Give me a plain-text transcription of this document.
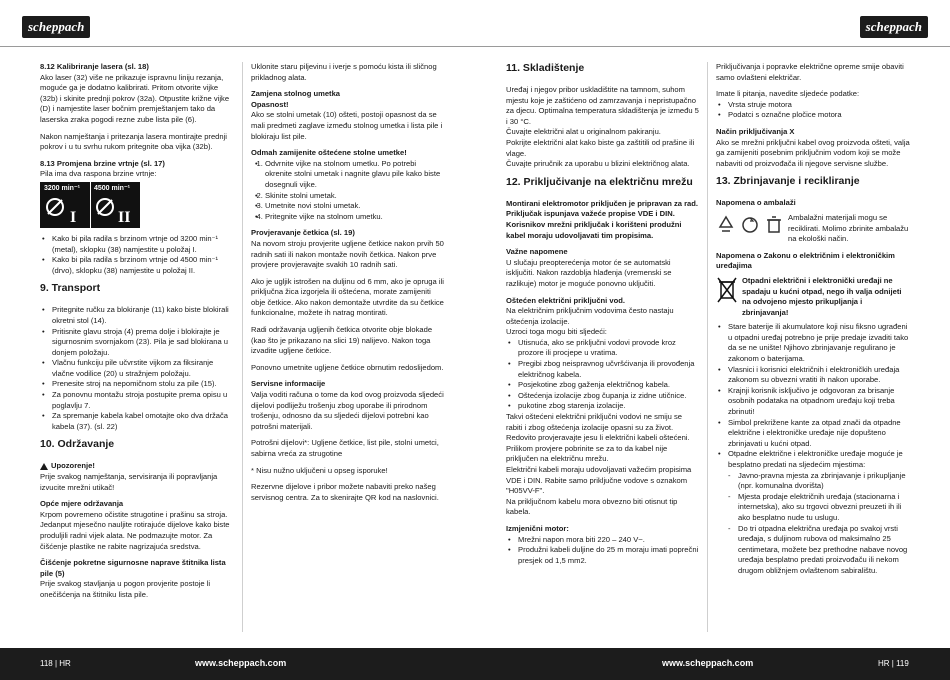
scheppach	scheppach

8.12 Kalibriranje lasera (sl. 18)

Ako laser (32) više ne prikazuje ispravnu liniju rezanja, moguće ga je dodatno kalibrirati. Pritom otvorite vijke (32b) i skinite prednji pokrov (32a). Otpustite križne vijke (D) i namjestite laser bočnim premještanjem tako da laserska zraka pogodi rezne zube lista pile (6).

Nakon namještanja i pritezanja lasera montirajte prednji pokrov i u tu svrhu rukom pritegnite oba vijka (32b).

8.13 Promjena brzine vrtnje (sl. 17)

Pila ima dva raspona brzine vrtnje:

3200 min⁻¹ 4500 min⁻¹
I	II
• Kako bi pila radila s brzinom vrtnje od 3200 min⁻¹ (metal), sklopku (38) namjestite u položaj I.
• Kako bi pila radila s brzinom vrtnje od 4500 min⁻¹ (drvo), sklopku (38) namjestite u položaj II.

9. Transport

• Pritegnite ručku za blokiranje (11) kako biste blokirali okretni stol (14).
• Pritisnite glavu stroja (4) prema dolje i blokirajte je sigurnosnim svornjakom (23). Pila je sad blokirana u donjem položaju.
• Vlačnu funkciju pile učvrstite vijkom za fiksiranje vlačne vodilice (20) u stražnjem položaju.
• Prenesite stroj na nepomičnom stolu za pile (15).
• Za ponovnu montažu stroja postupite prema opisu u poglavlju 7.
• Za spremanje kabela kabel omotajte oko dva držača kabela (37). (sl. 22)

10. Održavanje

Upozorenje!

Prije svakog namještanja, servisiranja ili popravljanja izvucite mrežni utikač!

Opće mjere održavanja

Krpom povremeno očistite strugotine i prašinu sa stroja. Jedanput mjesečno nauljite rotirajuće dijelove kako biste produljili radni vijek alata. Ne podmazujte motor. Za čišćenje plastike ne rabite nagrizajuća sredstva.

Čišćenje pokretne sigurnosne naprave štitnika lista pile (5)

Prije svakog stavljanja u pogon provjerite postoje li onečišćenja na štitniku lista pile.

Uklonite staru piljevinu i iverje s pomoću kista ili sličnog prikladnog alata.

Zamjena stolnog umetka

Opasnost!

Ako se stolni umetak (10) ošteti, postoji opasnost da se mali predmeti zaglave između stolnog umetka i lista pile i blokiraju list pile.

Odmah zamijenite oštećene stolne umetke!

• 1. Odvrnite vijke na stolnom umetku. Po potrebi okrenite stolni umetak i nagnite glavu pile kako biste dosegnuli vijke.
• 2. Skinite stolni umetak.
• 3. Umetnite novi stolni umetak.
• 4. Pritegnite vijke na stolnom umetku.

Provjeravanje četkica (sl. 19)

Na novom stroju provjerite ugljene četkice nakon prvih 50 radnih sati ili nakon montaže novih četkica. Nakon prve provjere provjeravajte svakih 10 radnih sati.

Ako je ugljik istrošen na duljinu od 6 mm, ako je opruga ili priključna žica izgorjela ili oštećena, morate zamijeniti obje četkice. Ako nakon demontaže utvrdite da su četkice funkcionalne, možete ih natrag montirati.

Radi održavanja ugljenih četkica otvorite obje blokade (kao što je prikazano na slici 19) nalijevo. Nakon toga izvadite ugljene četkice.

Ponovno umetnite ugljene četkice obrnutim redoslijedom.

Servisne informacije

Valja voditi računa o tome da kod ovog proizvoda sljedeći dijelovi podliježu trošenju zbog uporabe ili prirodnom trošenju, odnosno da su sljedeći dijelovi potrebni kao potrošni materijali.

Potrošni dijelovi*: Ugljene četkice, list pile, stolni umetci, sabirna vreća za strugotine

* Nisu nužno uključeni u opseg isporuke!

Rezervne dijelove i pribor možete nabaviti preko našeg servisnog centra. Za to skenirajte QR kod na naslovnici.

11. Skladištenje

Uređaj i njegov pribor uskladištite na tamnom, suhom mjestu koje je zaštićeno od zamrzavanja i nepristupačno za djecu. Optimalna temperatura skladištenja je između 5 i 30 °C.

Čuvajte električni alat u originalnom pakiranju.

Pokrijte električni alat kako biste ga zaštitili od prašine ili vlage.

Čuvajte priručnik za uporabu u blizini električnog alata.

12. Priključivanje na električnu mrežu

Montirani elektromotor priključen je pripravan za rad. Priključak ispunjava važeće propise VDE i DIN. Korisnikov mrežni priključak i korišteni produžni kabel moraju udovoljavati tim propisima.

Važne napomene

U slučaju preopterećenja motor će se automatski isključiti. Nakon razdoblja hlađenja (vremenski se razlikuje) motor je moguće ponovno uključiti.

Oštećen električni priključni vod.

Na električnim priključnim vodovima često nastaju oštećenja izolacije.

Uzroci toga mogu biti sljedeći:

• Utisnuća, ako se priključni vodovi provode kroz prozore ili procjepe u vratima.
• Pregibi zbog neispravnog učvršćivanja ili provođenja električnog kabela.
• Posjekotine zbog gaženja električnog kabela.
• Oštećenja izolacije zbog čupanja iz zidne utičnice.
• pukotine zbog starenja izolacije.

Takvi oštećeni električni priključni vodovi ne smiju se rabiti i zbog oštećenja izolacije opasni su za život.

Redovito provjeravajte jesu li električni kabeli oštećeni. Prilikom provjere pobrinite se za to da kabel nije priključen na električnu mrežu.

Električni kabeli moraju udovoljavati važećim propisima VDE i DIN. Rabite samo priključne vodove s oznakom "H05VV-F".

Na priključnom kabelu mora obvezno biti otisnut tip kabela.

Izmjenični motor:

• Mrežni napon mora biti 220 – 240 V~.
• Produžni kabeli duljine do 25 m moraju imati poprečni presjek od 1,5 mm2.

Priključivanja i popravke električne opreme smije obaviti samo ovlašteni električar.

Imate li pitanja, navedite sljedeće podatke:

• Vrsta struje motora
• Podatci s označne pločice motora

Način priključivanja X

Ako se mrežni priključni kabel ovog proizvoda ošteti, valja ga zamijeniti posebnim priključnim vodom koji se može nabaviti od proizvođača ili njegove servisne službe.

13. Zbrinjavanje i recikliranje

Napomena o ambalaži

Ambalažni materijali mogu se reciklirati. Molimo zbrinite ambalažu na ekološki način.

Napomena o Zakonu o električnim i elektroničkim uređajima

Otpadni električni i elektronički uređaji ne spadaju u kućni otpad, nego ih valja odnijeti na odvojeno mjesto prikupljanja i zbrinjavanja!
• Stare baterije ili akumulatore koji nisu fiksno ugrađeni u otpadni uređaj potrebno je prije predaje izvaditi tako da se ne unište! Njihovo zbrinjavanje regulirano je zakonom o baterijama.
• Vlasnici i korisnici električnih i elektroničkih uređaja zakonom su obvezni vratiti ih nakon uporabe.
• Krajnji korisnik isključivo je odgovoran za brisanje osobnih podataka na otpadnom uređaju koji treba zbrinuti!
• Simbol prekrižene kante za otpad znači da otpadne električne i elektroničke uređaje nije dopušteno zbrinjavati u kućni otpad.
• Otpadne električne i elektroničke uređaje moguće je besplatno predati na sljedećim mjestima:
- Javno-pravna mjesta za zbrinjavanje i prikupljanje (npr. komunalna dvorišta)
- Mjesta prodaje električnih uređaja (stacionarna i internetska), ako su trgovci obvezni preuzeti ih ili ako besplatno nude tu uslugu.
- Do tri otpadna električna uređaja po svakoj vrsti uređaja, s duljinom rubova od maksimalno 25 centimetara, možete bez prethodne nabave novog uređaja besplatno predati proizvođaču ili nekom drugom obližnjem ovlaštenom sabiralištu.
118 | HR	www.scheppach.com	www.scheppach.com	HR | 119
